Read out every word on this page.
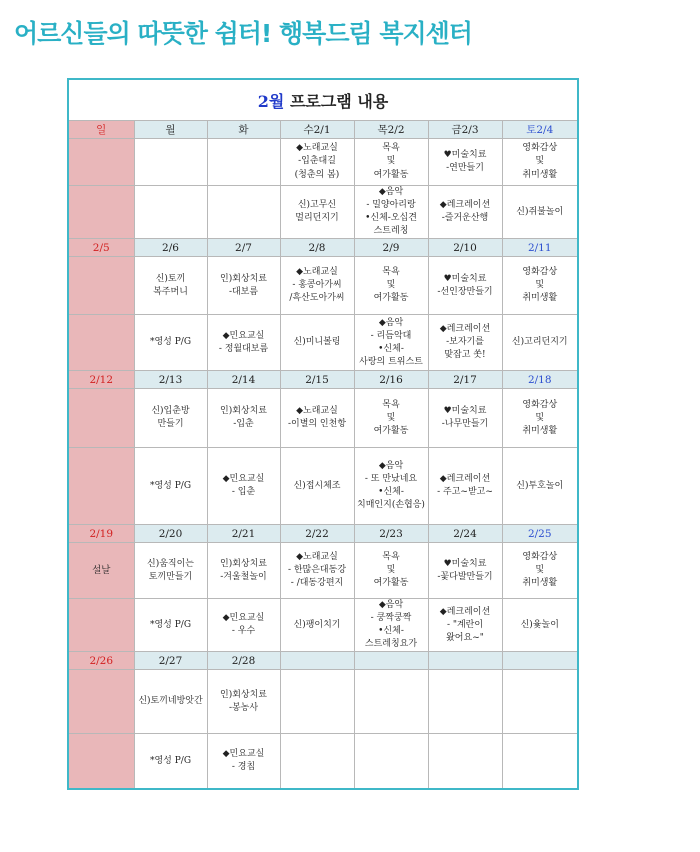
어르신들의 따뜻한 쉼터! 행복드림 복지센터
2월 프로그램 내용						
일	월	화	수2/1	목2/2	금2/3	토2/4
			◆노래교실
-입춘대길
(청춘의 봄)	목욕
및
여가활동	♥미술치료
-연만들기	영화감상
및
취미생활
			신)고무신
멀리던지기	◆음악
- 밀양아리랑
•신체-오십견
스트레칭	◆레크레이션
-즐거운산행	신)쥐불놀이
2/5	2/6	2/7	2/8	2/9	2/10	2/11
	신)토끼
복주머니	인)회상치료
-대보름	◆노래교실
- 홍콩아가씨
/흑산도아가씨	목욕
및
여가활동	♥미술치료
-선인장만들기	영화감상
및
취미생활
	*영성 P/G	◆민요교실
- 정월대보름	신)미니볼링	◆음악
- 리듬악대
•신체-
사랑의 트위스트	◆레크레이션
-보자기를
맞잡고 쏫!	신)고리던지기
2/12	2/13	2/14	2/15	2/16	2/17	2/18
	신)입춘방
만들기	인)회상치료
-입춘	◆노래교실
-이별의 인천항	목욕
및
여가활동	♥미술치료
-나무만들기	영화감상
및
취미생활
	*영성 P/G	◆민요교실
- 입춘	신)접시체조	◆음악
- 또 만났네요
•신체-
치매인지(손협응)	◆레크레이션
- 주고~받고~	신)투호놀이
2/19	2/20	2/21	2/22	2/23	2/24	2/25
설날	신)움직이는
토끼만들기	인)회상치료
-겨울철놀이	◆노래교실
- 한많은대동강
- /대동강편지	목욕
및
여가활동	♥미술치료
-꽃다발만들기	영화감상
및
취미생활
	*영성 P/G	◆민요교실
- 우수	신)팽이치기	◆음악
- 쿵짝쿵짝
•신체-
스트레칭요가	◆레크레이션
- "계란이
왔어요~"	신)윷놀이
2/26	2/27	2/28				
	신)토끼네방앗간	인)회상치료
-봉농사				
	*영성 P/G	◆민요교실
- 경칩				
